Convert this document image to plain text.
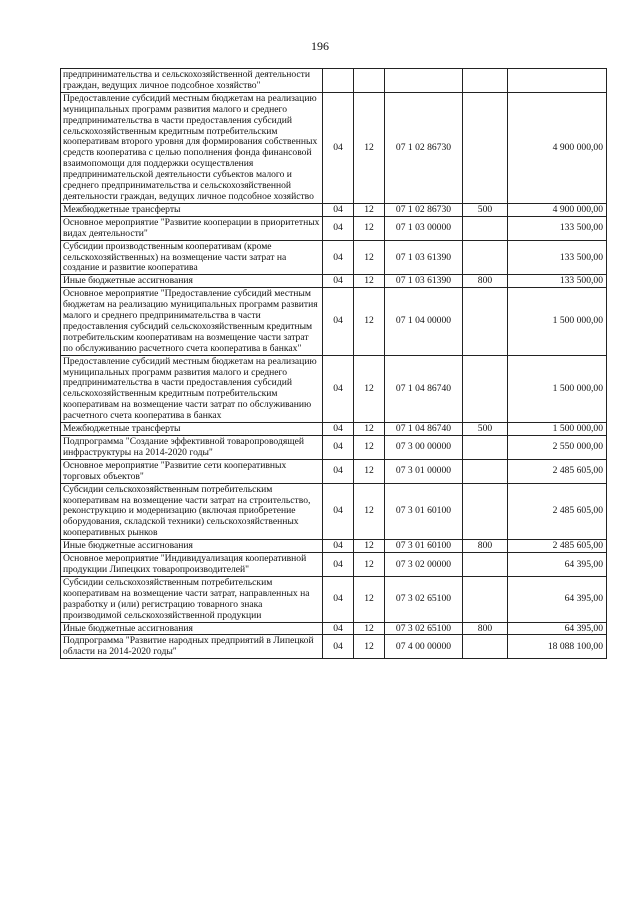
196
предпринимательства и сельскохозяйственной деятельности граждан, ведущих личное подсобное хозяйство"					
Предоставление субсидий местным бюджетам на реализацию муниципальных программ развития малого и среднего предпринимательства в части предоставления субсидий сельскохозяйственным кредитным потребительским кооперативам второго уровня для формирования собственных средств кооператива с целью пополнения фонда финансовой взаимопомощи для поддержки осуществления предпринимательской деятельности субъектов малого и среднего предпринимательства и сельскохозяйственной деятельности граждан, ведущих личное подсобное хозяйство	04	12	07 1 02 86730		4 900 000,00
Межбюджетные трансферты	04	12	07 1 02 86730	500	4 900 000,00
Основное мероприятие "Развитие кооперации в приоритетных видах деятельности"	04	12	07 1 03 00000		133 500,00
Субсидии производственным кооперативам (кроме сельскохозяйственных) на возмещение части затрат на создание и развитие кооператива	04	12	07 1 03 61390		133 500,00
Иные бюджетные ассигнования	04	12	07 1 03 61390	800	133 500,00
Основное мероприятие "Предоставление субсидий местным бюджетам на реализацию муниципальных программ развития малого и среднего предпринимательства в части предоставления субсидий сельскохозяйственным кредитным потребительским кооперативам на возмещение части затрат по обслуживанию расчетного счета кооператива в банках"	04	12	07 1 04 00000		1 500 000,00
Предоставление субсидий местным бюджетам на реализацию муниципальных программ развития малого и среднего предпринимательства в части предоставления субсидий сельскохозяйственным кредитным потребительским кооперативам на возмещение части затрат по обслуживанию расчетного счета кооператива в банках	04	12	07 1 04 86740		1 500 000,00
Межбюджетные трансферты	04	12	07 1 04 86740	500	1 500 000,00
Подпрограмма "Создание эффективной товаропроводящей инфраструктуры на 2014-2020 годы"	04	12	07 3 00 00000		2 550 000,00
Основное мероприятие "Развитие сети кооперативных торговых объектов"	04	12	07 3 01 00000		2 485 605,00
Субсидии сельскохозяйственным потребительским кооперативам на возмещение части затрат на строительство, реконструкцию и модернизацию (включая приобретение оборудования, складской техники) сельскохозяйственных кооперативных рынков	04	12	07 3 01 60100		2 485 605,00
Иные бюджетные ассигнования	04	12	07 3 01 60100	800	2 485 605,00
Основное мероприятие "Индивидуализация кооперативной продукции Липецких товаропроизводителей"	04	12	07 3 02 00000		64 395,00
Субсидии сельскохозяйственным потребительским кооперативам на возмещение части затрат, направленных на разработку и (или) регистрацию товарного знака производимой сельскохозяйственной продукции	04	12	07 3 02 65100		64 395,00
Иные бюджетные ассигнования	04	12	07 3 02 65100	800	64 395,00
Подпрограмма "Развитие народных предприятий в Липецкой области на 2014-2020 годы"	04	12	07 4 00 00000		18 088 100,00
